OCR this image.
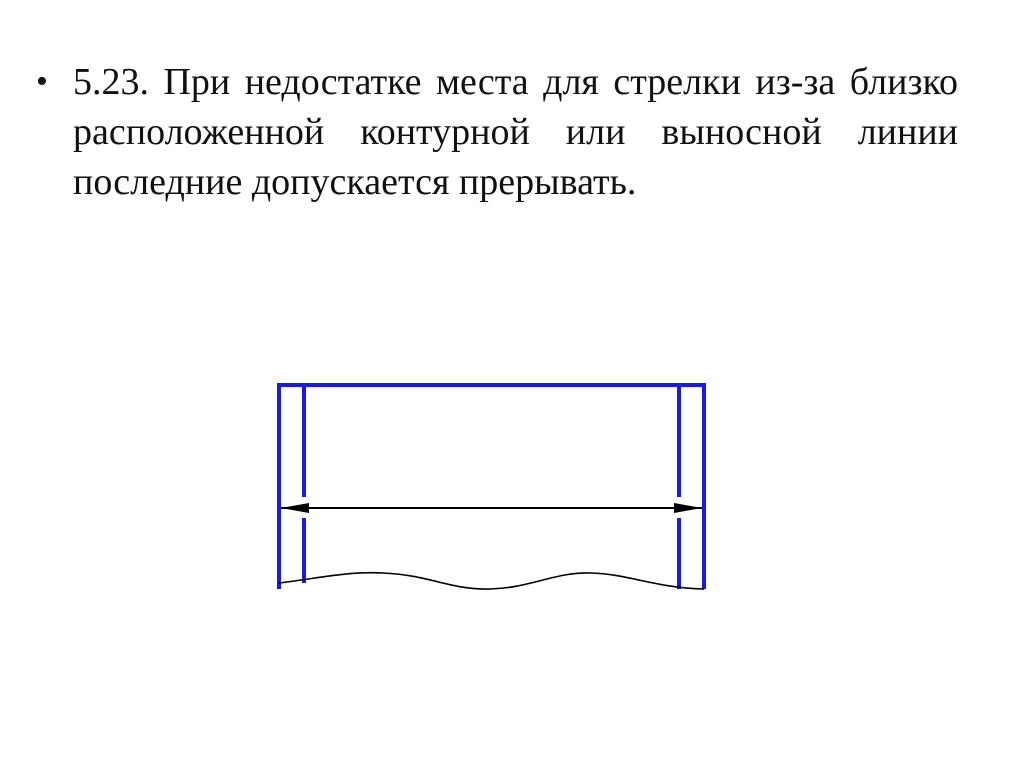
• 5.23. При недостатке места для стрелки из-за близко расположенной контурной или выносной линии последние допускается прерывать.
